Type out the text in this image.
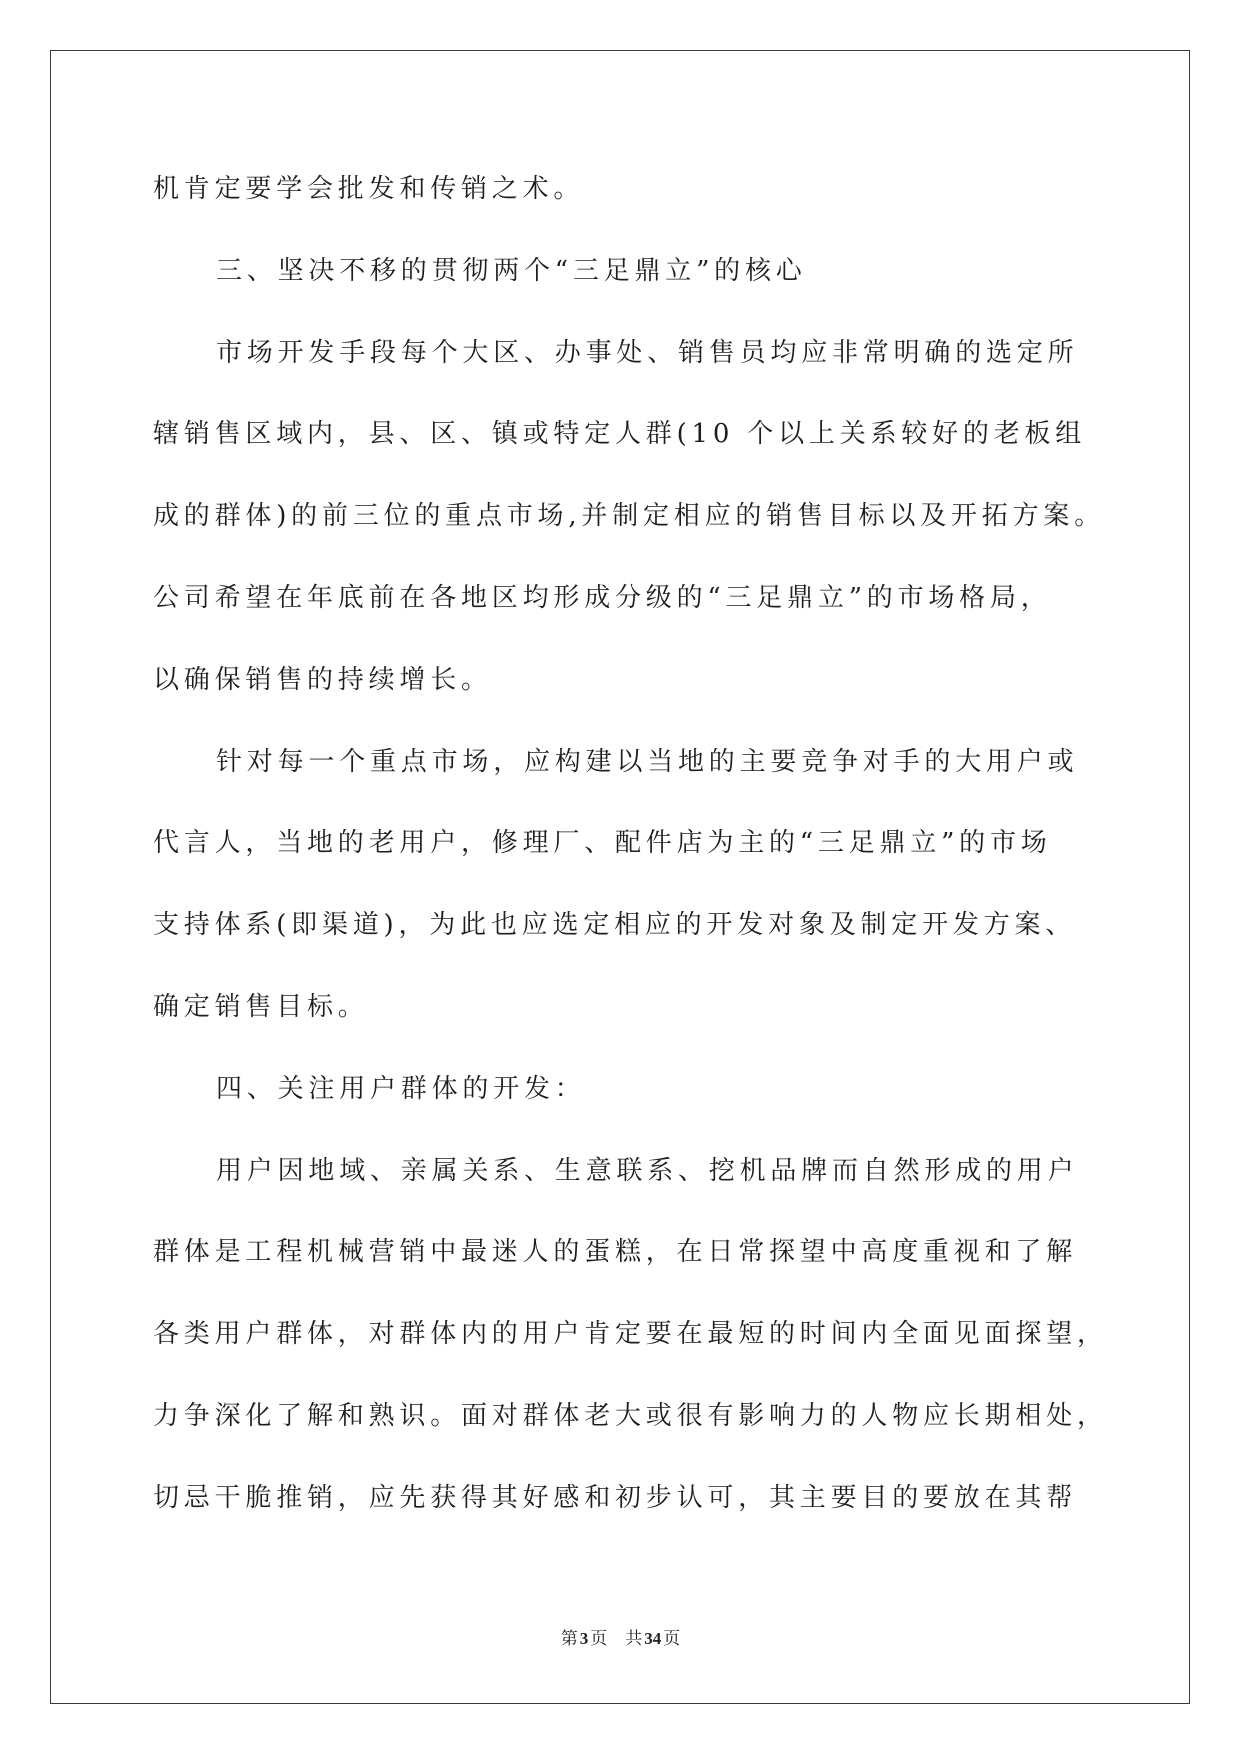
机肯定要学会批发和传销之术。
三、坚决不移的贯彻两个“三足鼎立”的核心
市场开发手段每个大区、办事处、销售员均应非常明确的选定所
辖销售区域内，县、区、镇或特定人群(10 个以上关系较好的老板组
成的群体)的前三位的重点市场,并制定相应的销售目标以及开拓方案。
公司希望在年底前在各地区均形成分级的“三足鼎立”的市场格局，
以确保销售的持续增长。
针对每一个重点市场，应构建以当地的主要竞争对手的大用户或
代言人，当地的老用户，修理厂、配件店为主的“三足鼎立”的市场
支持体系(即渠道)，为此也应选定相应的开发对象及制定开发方案、
确定销售目标。
四、关注用户群体的开发：
用户因地域、亲属关系、生意联系、挖机品牌而自然形成的用户
群体是工程机械营销中最迷人的蛋糕，在日常探望中高度重视和了解
各类用户群体，对群体内的用户肯定要在最短的时间内全面见面探望，
力争深化了解和熟识。面对群体老大或很有影响力的人物应长期相处，
切忌干脆推销，应先获得其好感和初步认可，其主要目的要放在其帮
第 3 页 共 34 页
